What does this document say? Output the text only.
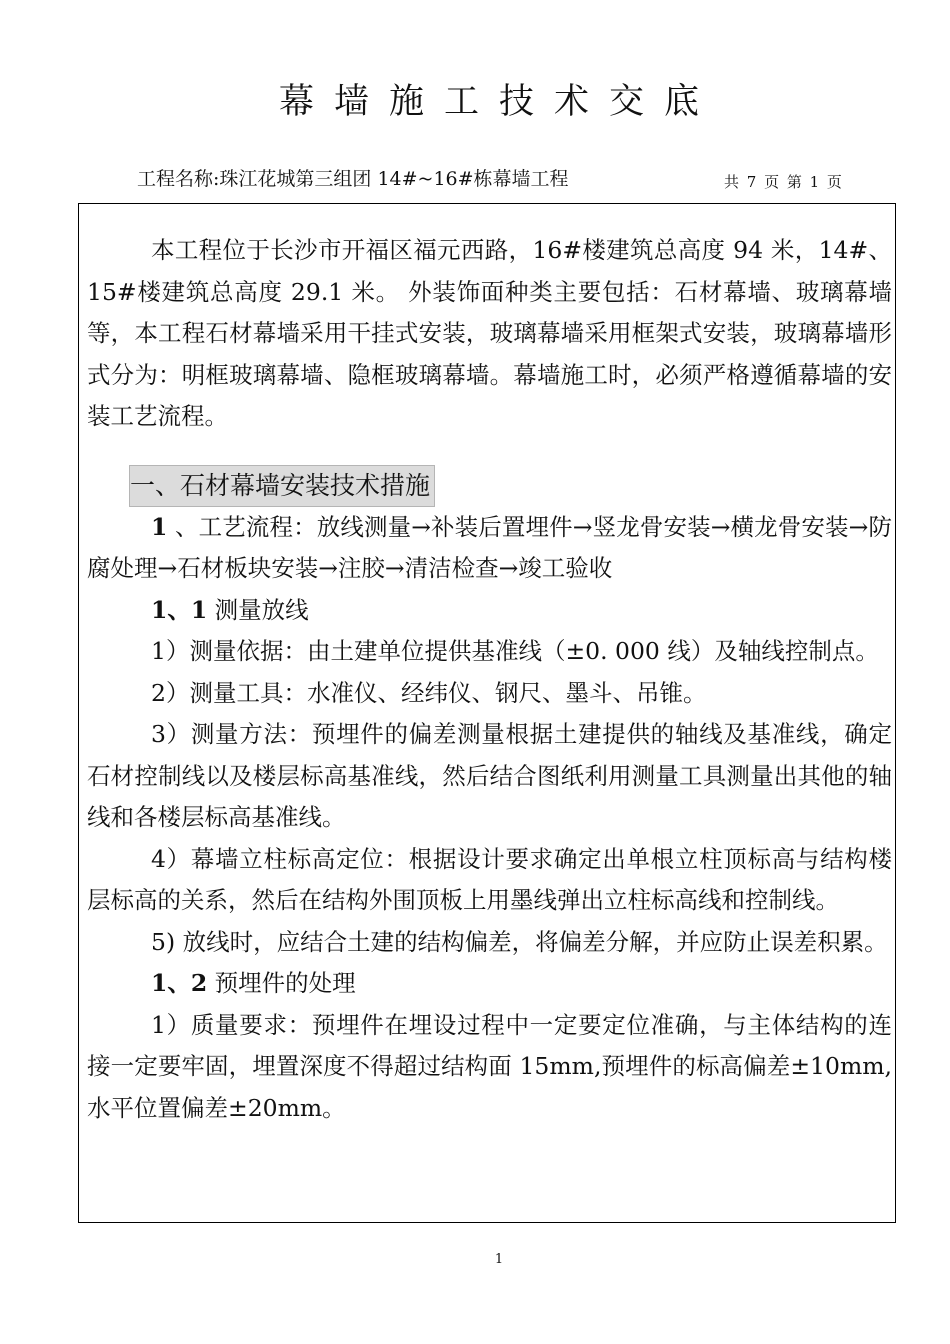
幕墙施工技术交底
工程名称:珠江花城第三组团 14#~16#栋幕墙工程	共 7 页 第 1 页

本工程位于长沙市开福区福元西路，16#楼建筑总高度 94 米，14#、15#楼建筑总高度 29.1 米。 外装饰面种类主要包括：石材幕墙、玻璃幕墙等，本工程石材幕墙采用干挂式安装，玻璃幕墙采用框架式安装，玻璃幕墙形式分为：明框玻璃幕墙、隐框玻璃幕墙。幕墙施工时，必须严格遵循幕墙的安装工艺流程。

一、石材幕墙安装技术措施

1 、工艺流程：放线测量→补装后置埋件→竖龙骨安装→横龙骨安装→防腐处理→石材板块安装→注胶→清洁检查→竣工验收

1、1 测量放线

1）测量依据：由土建单位提供基准线（±0. 000 线）及轴线控制点。

2）测量工具：水准仪、经纬仪、钢尺、墨斗、吊锥。

3）测量方法：预埋件的偏差测量根据土建提供的轴线及基准线，确定石材控制线以及楼层标高基准线，然后结合图纸利用测量工具测量出其他的轴线和各楼层标高基准线。

4）幕墙立柱标高定位：根据设计要求确定出单根立柱顶标高与结构楼层标高的关系，然后在结构外围顶板上用墨线弹出立柱标高线和控制线。

5) 放线时，应结合土建的结构偏差，将偏差分解，并应防止误差积累。

1、2 预埋件的处理

1）质量要求：预埋件在埋设过程中一定要定位准确，与主体结构的连接一定要牢固，埋置深度不得超过结构面 15mm,预埋件的标高偏差±10mm,水平位置偏差±20mm。

1
